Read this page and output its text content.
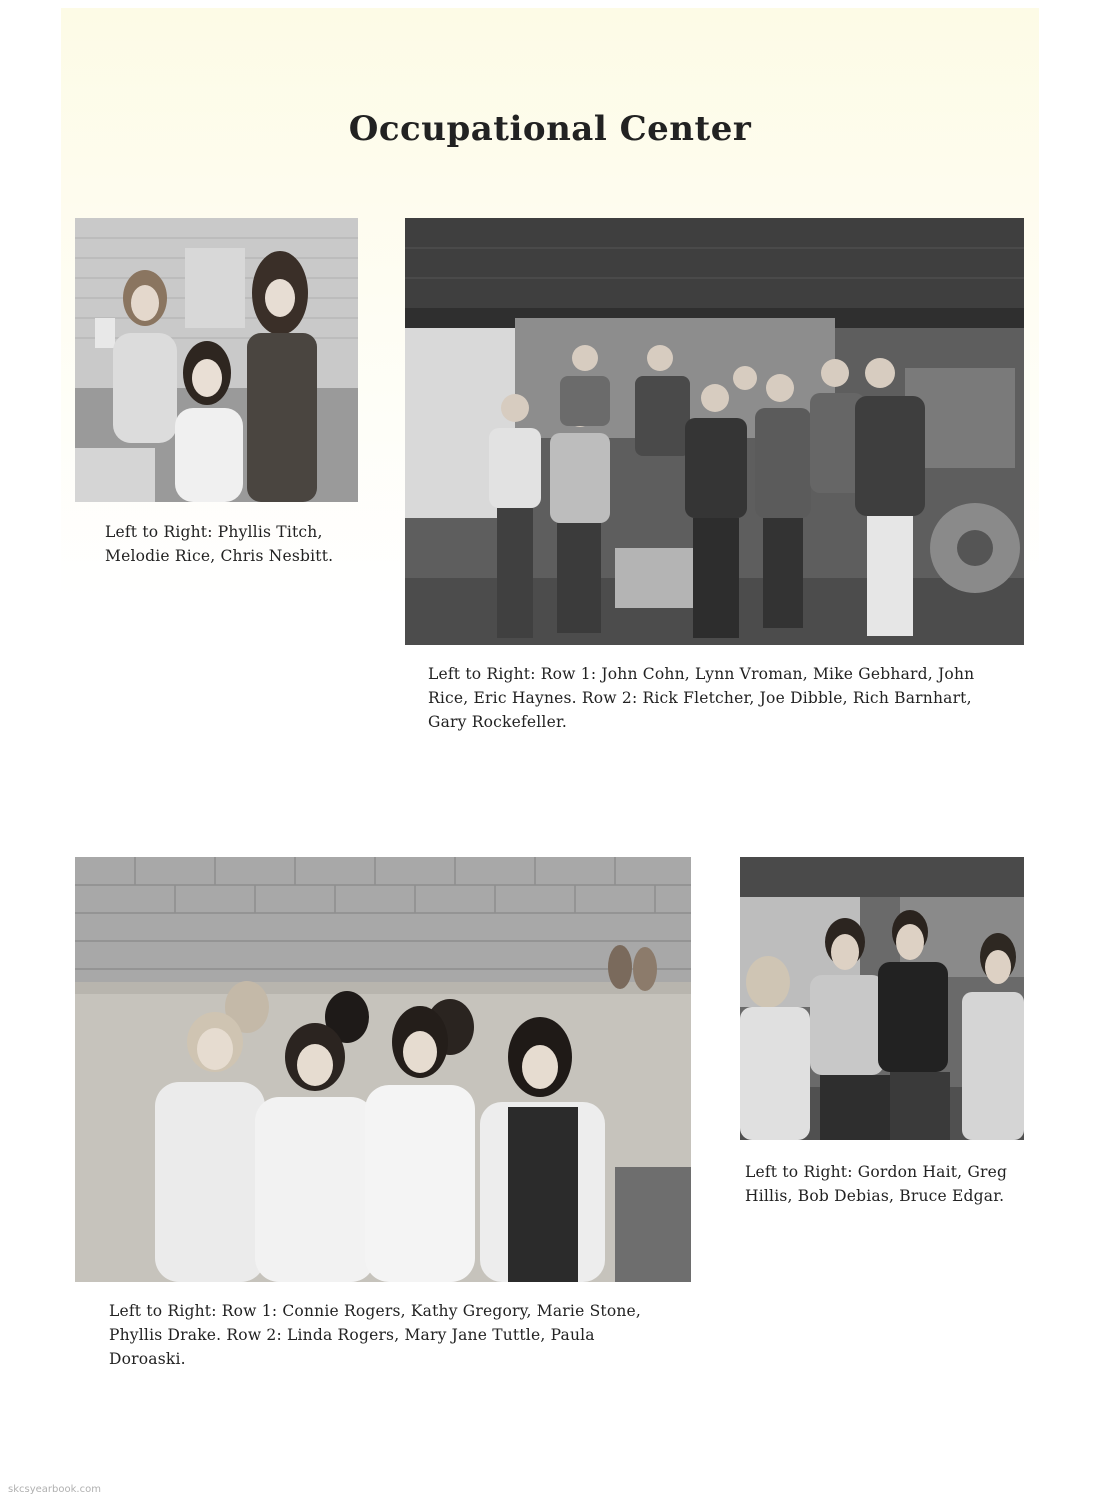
Occupational Center
Left to Right: Phyllis Titch,
Melodie Rice, Chris Nesbitt.
Left to Right: Row 1: John Cohn, Lynn Vroman, Mike Gebhard, John
Rice, Eric Haynes. Row 2: Rick Fletcher, Joe Dibble, Rich Barnhart,
Gary Rockefeller.
Left to Right: Row 1: Connie Rogers, Kathy Gregory, Marie Stone,
Phyllis Drake. Row 2: Linda Rogers, Mary Jane Tuttle, Paula
Doroaski.
Left to Right: Gordon Hait, Greg
Hillis, Bob Debias, Bruce Edgar.
skcsyearbook.com
